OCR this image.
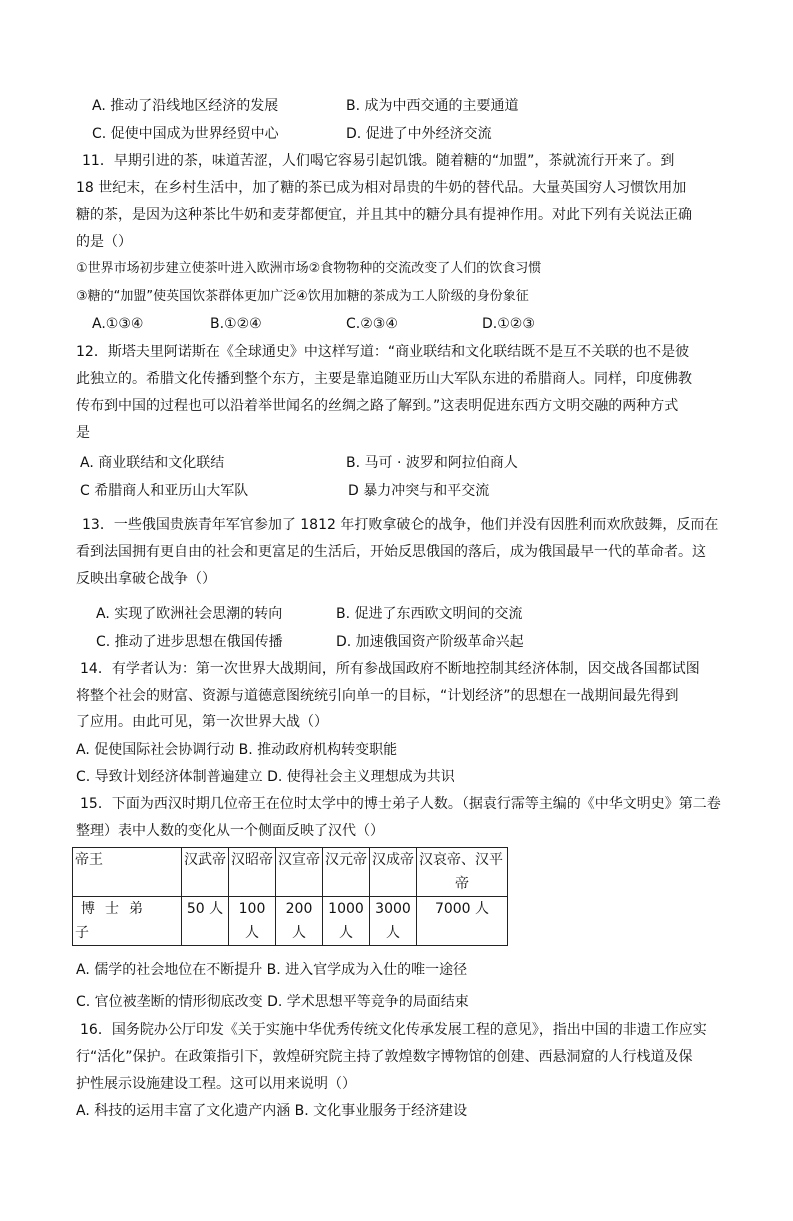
A. 推动了沿线地区经济的发展	B. 成为中西交通的主要通道
C. 促使中国成为世界经贸中心	D. 促进了中外经济交流
11．早期引进的茶，味道苦涩，人们喝它容易引起饥饿。随着糖的“加盟”，茶就流行开来了。到
18 世纪末，在乡村生活中，加了糖的茶已成为相对昂贵的牛奶的替代品。大量英国穷人习惯饮用加
糖的茶，是因为这种茶比牛奶和麦芽都便宜，并且其中的糖分具有提神作用。对此下列有关说法正确
的是（）
①世界市场初步建立使茶叶进入欧洲市场②食物物种的交流改变了人们的饮食习惯
③糖的“加盟”使英国饮茶群体更加广泛④饮用加糖的茶成为工人阶级的身份象征
A.①③④	B.①②④	C.②③④	D.①②③
12．斯塔夫里阿诺斯在《全球通史》中这样写道：“商业联结和文化联结既不是互不关联的也不是彼
此独立的。希腊文化传播到整个东方，主要是靠追随亚历山大军队东进的希腊商人。同样，印度佛教
传布到中国的过程也可以沿着举世闻名的丝绸之路了解到。”这表明促进东西方文明交融的两种方式
是
A. 商业联结和文化联结	B. 马可 · 波罗和阿拉伯商人
C 希腊商人和亚历山大军队	D 暴力冲突与和平交流
13．一些俄国贵族青年军官参加了 1812 年打败拿破仑的战争，他们并没有因胜利而欢欣鼓舞，反而在
看到法国拥有更自由的社会和更富足的生活后，开始反思俄国的落后，成为俄国最早一代的革命者。这
反映出拿破仑战争（）
A. 实现了欧洲社会思潮的转向	B. 促进了东西欧文明间的交流
C. 推动了进步思想在俄国传播	D. 加速俄国资产阶级革命兴起
14．有学者认为：第一次世界大战期间，所有参战国政府不断地控制其经济体制，因交战各国都试图
将整个社会的财富、资源与道德意图统统引向单一的目标，“计划经济”的思想在一战期间最先得到
了应用。由此可见，第一次世界大战（）
A. 促使国际社会协调行动 B. 推动政府机构转变职能
C. 导致计划经济体制普遍建立 D. 使得社会主义理想成为共识
15．下面为西汉时期几位帝王在位时太学中的博士弟子人数。（据袁行霈等主编的《中华文明史》第二卷
整理）表中人数的变化从一个侧面反映了汉代（）
帝王	汉武帝	汉昭帝	汉宣帝	汉元帝	汉成帝	汉哀帝、汉平
帝

博士弟
子	50 人	100 人	200 人	1000 人	3000 人	7000 人
A. 儒学的社会地位在不断提升 B. 进入官学成为入仕的唯一途径
C. 官位被垄断的情形彻底改变 D. 学术思想平等竞争的局面结束
16．国务院办公厅印发《关于实施中华优秀传统文化传承发展工程的意见》，指出中国的非遗工作应实
行“活化”保护。在政策指引下，敦煌研究院主持了敦煌数字博物馆的创建、西悬洞窟的人行栈道及保
护性展示设施建设工程。这可以用来说明（）
A. 科技的运用丰富了文化遗产内涵 B. 文化事业服务于经济建设
